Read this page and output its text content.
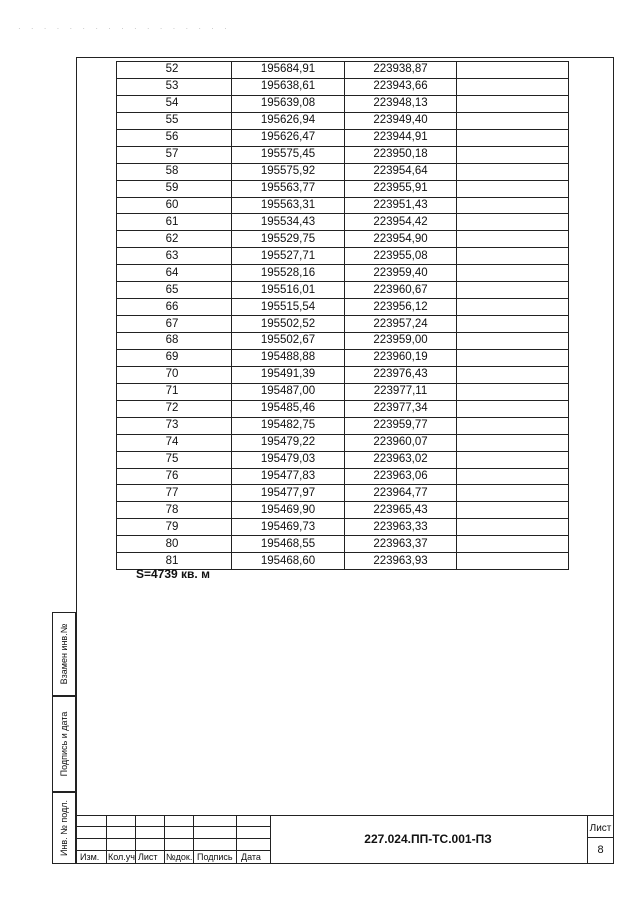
· · · · · · · · · · · · · · · · ·
52	195684,91	223938,87	
53	195638,61	223943,66	
54	195639,08	223948,13	
55	195626,94	223949,40	
56	195626,47	223944,91	
57	195575,45	223950,18	
58	195575,92	223954,64	
59	195563,77	223955,91	
60	195563,31	223951,43	
61	195534,43	223954,42	
62	195529,75	223954,90	
63	195527,71	223955,08	
64	195528,16	223959,40	
65	195516,01	223960,67	
66	195515,54	223956,12	
67	195502,52	223957,24	
68	195502,67	223959,00	
69	195488,88	223960,19	
70	195491,39	223976,43	
71	195487,00	223977,11	
72	195485,46	223977,34	
73	195482,75	223959,77	
74	195479,22	223960,07	
75	195479,03	223963,02	
76	195477,83	223963,06	
77	195477,97	223964,77	
78	195469,90	223965,43	
79	195469,73	223963,33	
80	195468,55	223963,37	
81	195468,60	223963,93	
S=4739 кв. м
Взамен инв.№
Подпись и дата
Инв. № подл.
Изм. Кол.уч Лист №док. Подпись Дата
227.024.ПП-ТС.001-ПЗ
Лист
8
